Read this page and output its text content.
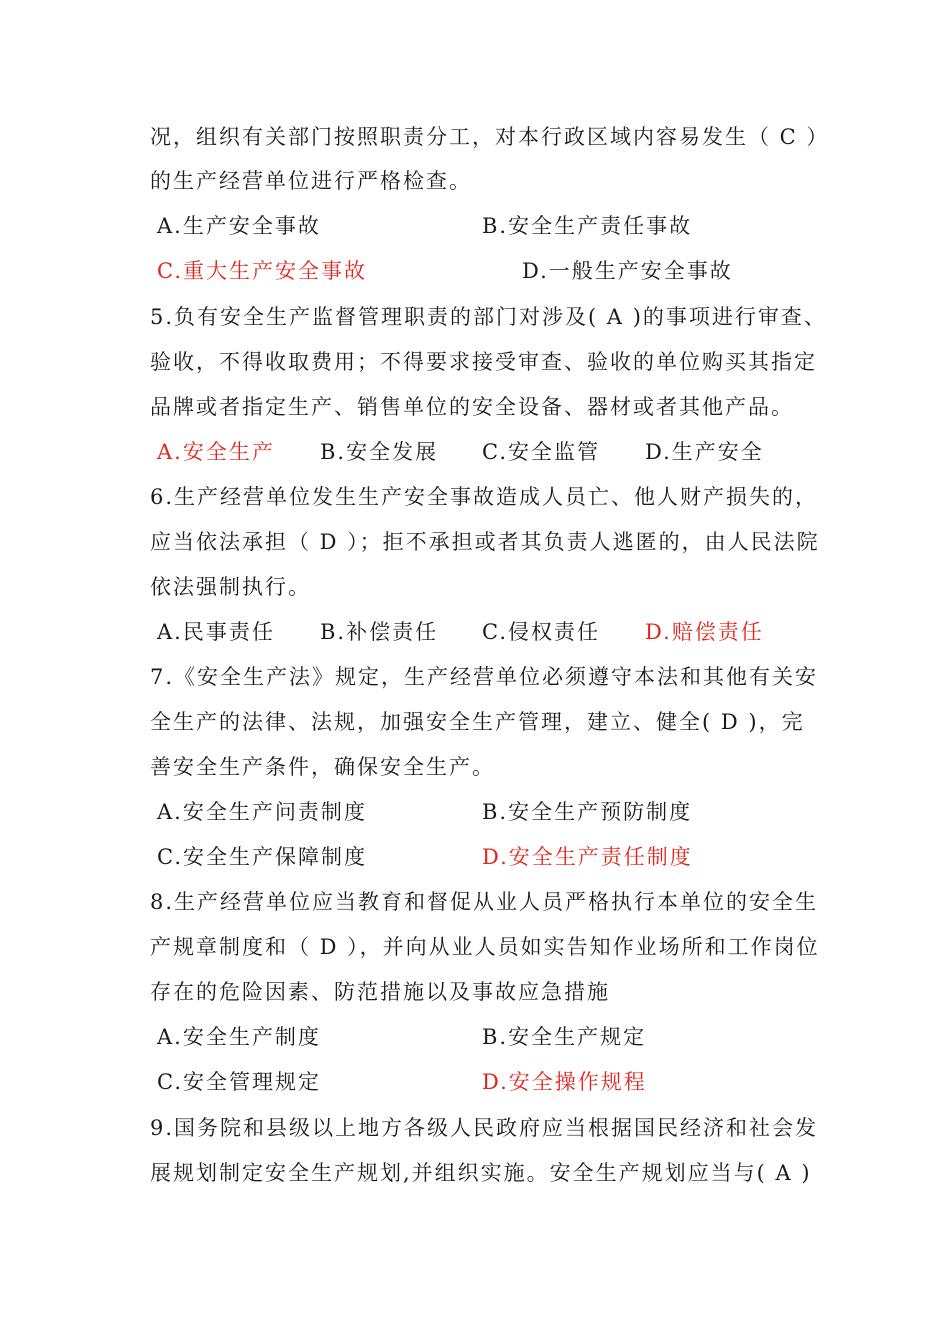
况，组织有关部门按照职责分工，对本行政区域内容易发生（ C ）
的生产经营单位进行严格检查。
A.生产安全事故	B.安全生产责任事故
C.重大生产安全事故	D.一般生产安全事故
5.负有安全生产监督管理职责的部门对涉及( A )的事项进行审查、
验收，不得收取费用；不得要求接受审查、验收的单位购买其指定
品牌或者指定生产、销售单位的安全设备、器材或者其他产品。
A.安全生产 B.安全发展 C.安全监管 D.生产安全
6.生产经营单位发生生产安全事故造成人员亡、他人财产损失的，
应当依法承担（ D ）；拒不承担或者其负责人逃匿的，由人民法院
依法强制执行。
A.民事责任 B.补偿责任 C.侵权责任 D.赔偿责任
7.《安全生产法》规定，生产经营单位必须遵守本法和其他有关安
全生产的法律、法规，加强安全生产管理，建立、健全( D )，完
善安全生产条件，确保安全生产。
A.安全生产问责制度	B.安全生产预防制度
C.安全生产保障制度	D.安全生产责任制度
8.生产经营单位应当教育和督促从业人员严格执行本单位的安全生
产规章制度和（ D ），并向从业人员如实告知作业场所和工作岗位
存在的危险因素、防范措施以及事故应急措施
A.安全生产制度	B.安全生产规定
C.安全管理规定	D.安全操作规程
9.国务院和县级以上地方各级人民政府应当根据国民经济和社会发
展规划制定安全生产规划,并组织实施。安全生产规划应当与( A )
